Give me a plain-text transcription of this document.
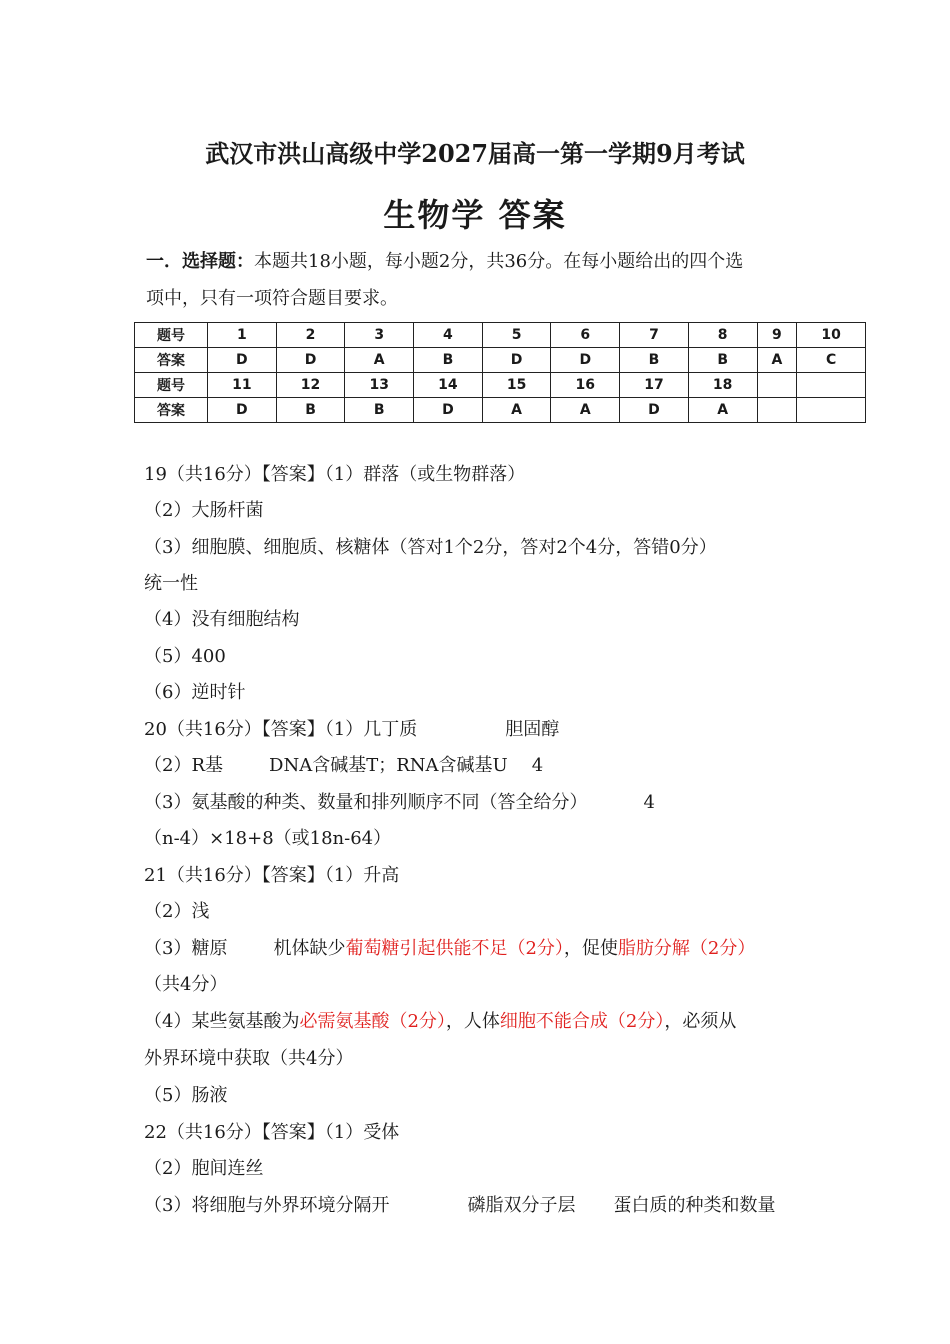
武汉市洪山高级中学2027届高一第一学期9月考试
生物学 答案
一．选择题：本题共18小题，每小题2分，共36分。在每小题给出的四个选
项中，只有一项符合题目要求。
题号	1	2	3	4	5	6	7	8	9	10
答案	D	D	A	B	D	D	B	B	A	C
题号	11	12	13	14	15	16	17	18		
答案	D	B	B	D	A	A	D	A		
19（共16分）【答案】（1）群落（或生物群落）
（2）大肠杆菌
（3）细胞膜、细胞质、核糖体（答对1个2分，答对2个4分，答错0分）
统一性
（4）没有细胞结构
（5）400
（6）逆时针
20（共16分）【答案】（1）几丁质	胆固醇
（2）R基	DNA含碱基T；RNA含碱基U 4
（3）氨基酸的种类、数量和排列顺序不同（答全给分）	4
（n-4）×18+8（或18n-64）
21（共16分）【答案】（1）升高
（2）浅
（3）糖原	机体缺少葡萄糖引起供能不足（2分），促使脂肪分解（2分）
（共4分）
（4）某些氨基酸为必需氨基酸（2分），人体细胞不能合成（2分），必须从
外界环境中获取（共4分）
（5）肠液
22（共16分）【答案】（1）受体
（2）胞间连丝
（3）将细胞与外界环境分隔开	磷脂双分子层 蛋白质的种类和数量
